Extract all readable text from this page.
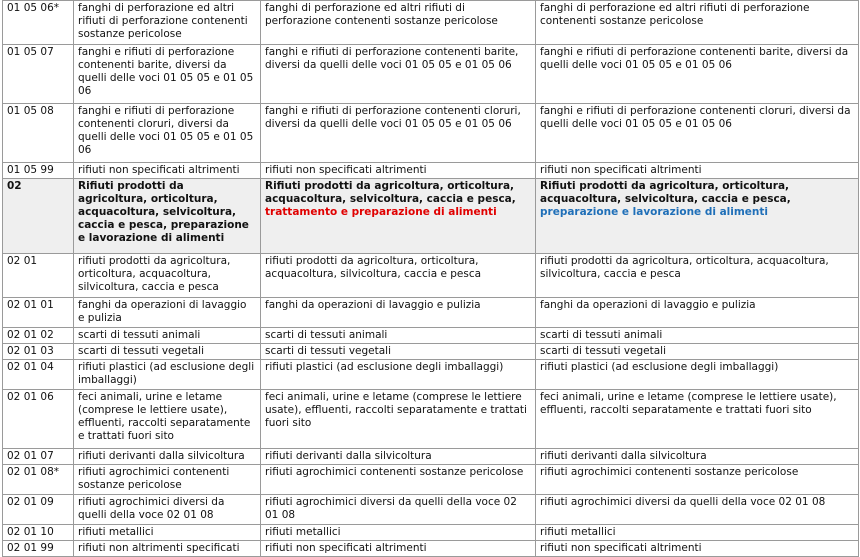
01 05 06*	fanghi di perforazione ed altri rifiuti di perforazione contenenti sostanze pericolose	fanghi di perforazione ed altri rifiuti di perforazione contenenti sostanze pericolose	fanghi di perforazione ed altri rifiuti di perforazione contenenti sostanze pericolose
01 05 07	fanghi e rifiuti di perforazione contenenti barite, diversi da quelli delle voci 01 05 05 e 01 05 06	fanghi e rifiuti di perforazione contenenti barite, diversi da quelli delle voci 01 05 05 e 01 05 06	fanghi e rifiuti di perforazione contenenti barite, diversi da quelli delle voci 01 05 05 e 01 05 06
01 05 08	fanghi e rifiuti di perforazione contenenti cloruri, diversi da quelli delle voci 01 05 05 e 01 05 06	fanghi e rifiuti di perforazione contenenti cloruri, diversi da quelli delle voci 01 05 05 e 01 05 06	fanghi e rifiuti di perforazione contenenti cloruri, diversi da quelli delle voci 01 05 05 e 01 05 06
01 05 99	rifiuti non specificati altrimenti	rifiuti non specificati altrimenti	rifiuti non specificati altrimenti
02	Rifiuti prodotti da agricoltura, orticoltura, acquacoltura, selvicoltura, caccia e pesca, preparazione e lavorazione di alimenti	Rifiuti prodotti da agricoltura, orticoltura, acquacoltura, selvicoltura, caccia e pesca, trattamento e preparazione di alimenti	Rifiuti prodotti da agricoltura, orticoltura, acquacoltura, selvicoltura, caccia e pesca, preparazione e lavorazione di alimenti
02 01	rifiuti prodotti da agricoltura, orticoltura, acquacoltura, silvicoltura, caccia e pesca	rifiuti prodotti da agricoltura, orticoltura, acquacoltura, silvicoltura, caccia e pesca	rifiuti prodotti da agricoltura, orticoltura, acquacoltura, silvicoltura, caccia e pesca
02 01 01	fanghi da operazioni di lavaggio e pulizia	fanghi da operazioni di lavaggio e pulizia	fanghi da operazioni di lavaggio e pulizia
02 01 02	scarti di tessuti animali	scarti di tessuti animali	scarti di tessuti animali
02 01 03	scarti di tessuti vegetali	scarti di tessuti vegetali	scarti di tessuti vegetali
02 01 04	rifiuti plastici (ad esclusione degli imballaggi)	rifiuti plastici (ad esclusione degli imballaggi)	rifiuti plastici (ad esclusione degli imballaggi)
02 01 06	feci animali, urine e letame (comprese le lettiere usate), effluenti, raccolti separatamente e trattati fuori sito	feci animali, urine e letame (comprese le lettiere usate), effluenti, raccolti separatamente e trattati fuori sito	feci animali, urine e letame (comprese le lettiere usate), effluenti, raccolti separatamente e trattati fuori sito
02 01 07	rifiuti derivanti dalla silvicoltura	rifiuti derivanti dalla silvicoltura	rifiuti derivanti dalla silvicoltura
02 01 08*	rifiuti agrochimici contenenti sostanze pericolose	rifiuti agrochimici contenenti sostanze pericolose	rifiuti agrochimici contenenti sostanze pericolose
02 01 09	rifiuti agrochimici diversi da quelli della voce 02 01 08	rifiuti agrochimici diversi da quelli della voce 02 01 08	rifiuti agrochimici diversi da quelli della voce 02 01 08
02 01 10	rifiuti metallici	rifiuti metallici	rifiuti metallici
02 01 99	rifiuti non altrimenti specificati	rifiuti non specificati altrimenti	rifiuti non specificati altrimenti
